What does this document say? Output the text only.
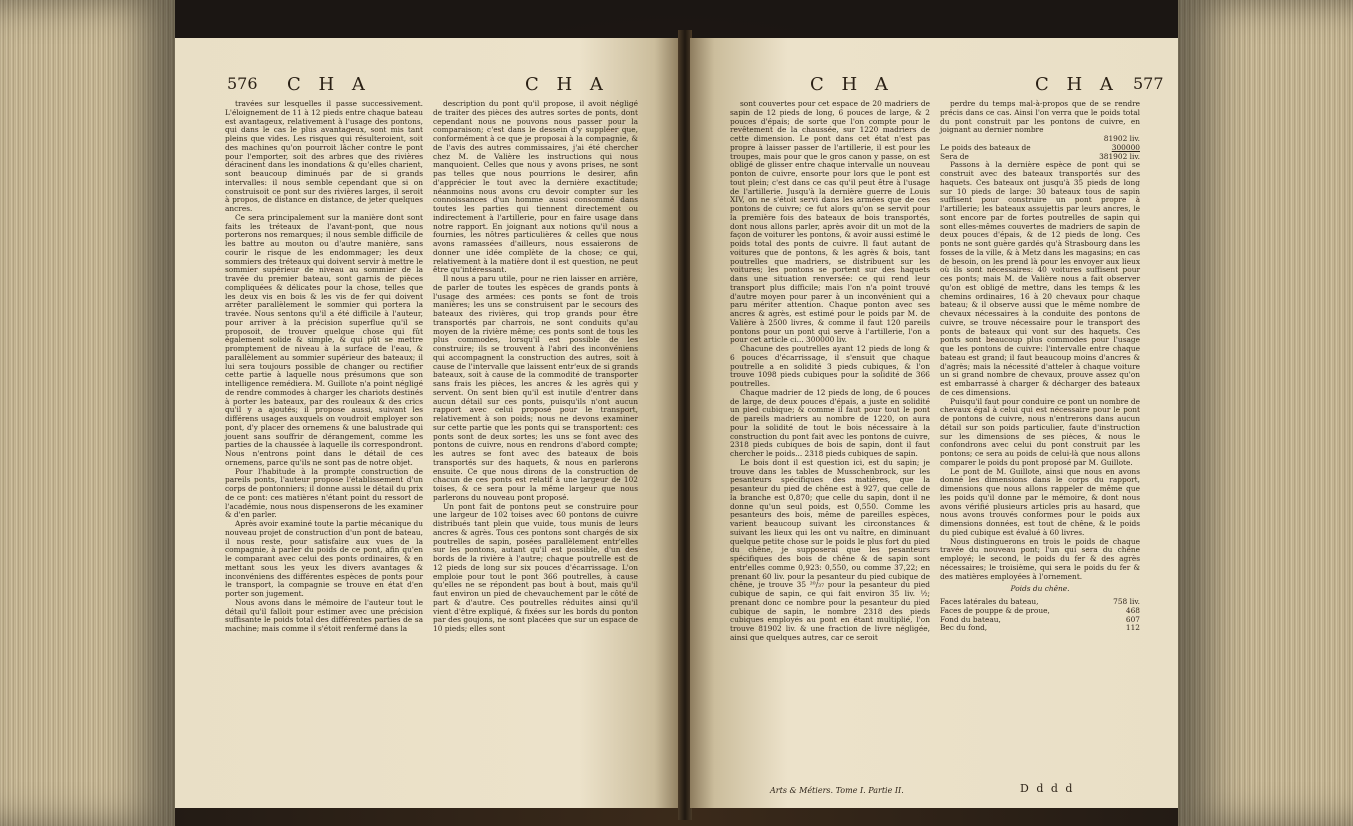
576 C H A	C H A

travées sur lesquelles il passe successivement. L'éloignement de 11 à 12 pieds entre chaque bateau est avantageux, relativement à l'usage des pontons, qui dans le cas le plus avantageux, sont mis tant pleins que vides. Les risques qui résulteroient, soit des machines qu'on pourroit lâcher contre le pont pour l'emporter, soit des arbres que des rivières déracinent dans les inondations & qu'elles charient, sont beaucoup diminués par de si grands intervalles: il nous semble cependant que si on construisoit ce pont sur des rivières larges, il seroit à propos, de distance en distance, de jeter quelques ancres.

Ce sera principalement sur la manière dont sont faits les tréteaux de l'avant-pont, que nous porterons nos remarques; il nous semble difficile de les battre au mouton ou d'autre manière, sans courir le risque de les endommager; les deux sommiers des tréteaux qui doivent servir à mettre le sommier supérieur de niveau au sommier de la travée du premier bateau, sont garnis de pièces compliquées & délicates pour la chose, telles que les deux vis en bois & les vis de fer qui doivent arrêter parallèlement le sommier qui portera la travée. Nous sentons qu'il a été difficile à l'auteur, pour arriver à la précision superflue qu'il se proposoit, de trouver quelque chose qui fût également solide & simple, & qui pût se mettre promptement de niveau à la surface de l'eau, & parallèlement au sommier supérieur des bateaux; il lui sera toujours possible de changer ou rectifier cette partie à laquelle nous présumons que son intelligence remédiera. M. Guillote n'a point négligé de rendre commodes à charger les chariots destinés à porter les bateaux, par des rouleaux & des crics qu'il y a ajoutés; il propose aussi, suivant les différens usages auxquels on voudroit employer son pont, d'y placer des ornemens & une balustrade qui jouent sans souffrir de dérangement, comme les parties de la chaussée à laquelle ils correspondront. Nous n'entrons point dans le détail de ces ornemens, parce qu'ils ne sont pas de notre objet.

Pour l'habitude à la prompte construction de pareils ponts, l'auteur propose l'établissement d'un corps de pontonniers; il donne aussi le détail du prix de ce pont: ces matières n'étant point du ressort de l'académie, nous nous dispenserons de les examiner & d'en parler.

Après avoir examiné toute la partie mécanique du nouveau projet de construction d'un pont de bateau, il nous reste, pour satisfaire aux vues de la compagnie, à parler du poids de ce pont, afin qu'en le comparant avec celui des ponts ordinaires, & en mettant sous les yeux les divers avantages & inconvéniens des différentes espèces de ponts pour le transport, la compagnie se trouve en état d'en porter son jugement.

Nous avons dans le mémoire de l'auteur tout le détail qu'il falloit pour estimer avec une précision suffisante le poids total des différentes parties de sa machine; mais comme il s'étoit renfermé dans la

description du pont qu'il propose, il avoit négligé de traiter des pièces des autres sortes de ponts, dont cependant nous ne pouvons nous passer pour la comparaison; c'est dans le dessein d'y suppléer que, conformément à ce que je proposai à la compagnie, & de l'avis des autres commissaires, j'ai été chercher chez M. de Valière les instructions qui nous manquoient. Celles que nous y avons prises, ne sont pas telles que nous pourrions le desirer, afin d'apprécier le tout avec la dernière exactitude; néanmoins nous avons cru devoir compter sur les connoissances d'un homme aussi consommé dans toutes les parties qui tiennent directement ou indirectement à l'artillerie, pour en faire usage dans notre rapport. En joignant aux notions qu'il nous a fournies, les nôtres particulières & celles que nous avons ramassées d'ailleurs, nous essaierons de donner une idée complète de la chose; ce qui, relativement à la matière dont il est question, ne peut être qu'intéressant.

Il nous a paru utile, pour ne rien laisser en arrière, de parler de toutes les espèces de grands ponts à l'usage des armées: ces ponts se font de trois manières; les uns se construisent par le secours des bateaux des rivières, qui trop grands pour être transportés par charrois, ne sont conduits qu'au moyen de la rivière même; ces ponts sont de tous les plus commodes, lorsqu'il est possible de les construire; ils se trouvent à l'abri des inconvéniens qui accompagnent la construction des autres, soit à cause de l'intervalle que laissent entr'eux de si grands bateaux, soit à cause de la commodité de transporter sans frais les pièces, les ancres & les agrès qui y servent. On sent bien qu'il est inutile d'entrer dans aucun détail sur ces ponts, puisqu'ils n'ont aucun rapport avec celui proposé pour le transport, relativement à son poids; nous ne devons examiner sur cette partie que les ponts qui se transportent: ces ponts sont de deux sortes; les uns se font avec des pontons de cuivre, nous en rendrons d'abord compte; les autres se font avec des bateaux de bois transportés sur des haquets, & nous en parlerons ensuite. Ce que nous dirons de la construction de chacun de ces ponts est relatif à une largeur de 102 toises, & ce sera pour la même largeur que nous parlerons du nouveau pont proposé.

Un pont fait de pontons peut se construire pour une largeur de 102 toises avec 60 pontons de cuivre distribués tant plein que vuide, tous munis de leurs ancres & agrès. Tous ces pontons sont chargés de six poutrelles de sapin, posées parallèlement entr'elles sur les pontons, autant qu'il est possible, d'un des bords de la rivière à l'autre; chaque poutrelle est de 12 pieds de long sur six pouces d'écarrissage. L'on emploie pour tout le pont 366 poutrelles, à cause qu'elles ne se répondent pas bout à bout, mais qu'il faut environ un pied de chevauchement par le côté de part & d'autre. Ces poutrelles réduites ainsi qu'il vient d'être expliqué, & fixées sur les bords du ponton par des goujons, ne sont placées que sur un espace de 10 pieds; elles sont

C H A	C H A 577

sont couvertes pour cet espace de 20 madriers de sapin de 12 pieds de long, 6 pouces de large, & 2 pouces d'épais; de sorte que l'on compte pour le revêtement de la chaussée, sur 1220 madriers de cette dimension. Le pont dans cet état n'est pas propre à laisser passer de l'artillerie, il est pour les troupes, mais pour que le gros canon y passe, on est obligé de glisser entre chaque intervalle un nouveau ponton de cuivre, ensorte pour lors que le pont est tout plein; c'est dans ce cas qu'il peut être à l'usage de l'artillerie. Jusqu'à la dernière guerre de Louis XIV, on ne s'étoit servi dans les armées que de ces pontons de cuivre; ce fut alors qu'on se servit pour la première fois des bateaux de bois transportés, dont nous allons parler, après avoir dit un mot de la façon de voiturer les pontons, & avoir aussi estimé le poids total des ponts de cuivre. Il faut autant de voitures que de pontons, & les agrès & bois, tant poutrelles que madriers, se distribuent sur les voitures; les pontons se portent sur des haquets dans une situation renversée: ce qui rend leur transport plus difficile; mais l'on n'a point trouvé d'autre moyen pour parer à un inconvénient qui a paru mériter attention. Chaque ponton avec ses ancres & agrès, est estimé pour le poids par M. de Valière à 2500 livres, & comme il faut 120 pareils pontons pour un pont qui serve à l'artillerie, l'on a pour cet article ci... 300000 liv.

Chacune des poutrelles ayant 12 pieds de long & 6 pouces d'écarrissage, il s'ensuit que chaque poutrelle a en solidité 3 pieds cubiques, & l'on trouve 1098 pieds cubiques pour la solidité de 366 poutrelles.

Chaque madrier de 12 pieds de long, de 6 pouces de large, de deux pouces d'épais, a juste en solidité un pied cubique; & comme il faut pour tout le pont de pareils madriers au nombre de 1220, on aura pour la solidité de tout le bois nécessaire à la construction du pont fait avec les pontons de cuivre, 2318 pieds cubiques de bois de sapin, dont il faut chercher le poids... 2318 pieds cubiques de sapin.

Le bois dont il est question ici, est du sapin; je trouve dans les tables de Musschenbrock, sur les pesanteurs spécifiques des matières, que la pesanteur du pied de chêne est à 927, que celle de la branche est 0,870; que celle du sapin, dont il ne donne qu'un seul poids, est 0,550. Comme les pesanteurs des bois, même de pareilles espèces, varient beaucoup suivant les circonstances & suivant les lieux qui les ont vu naître, en diminuant quelque petite chose sur le poids le plus fort du pied du chêne, je supposerai que les pesanteurs spécifiques des bois de chêne & de sapin sont entr'elles comme 0,923: 0,550, ou comme 37,22; en prenant 60 liv. pour la pesanteur du pied cubique de chêne, je trouve 35 ²⁰/₃₇ pour la pesanteur du pied cubique de sapin, ce qui fait environ 35 liv. ½; prenant donc ce nombre pour la pesanteur du pied cubique de sapin, le nombre 2318 des pieds cubiques employés au pont en étant multiplié, l'on trouve 81902 liv. & une fraction de livre négligée, ainsi que quelques autres, car ce seroit

perdre du temps mal-à-propos que de se rendre précis dans ce cas. Ainsi l'on verra que le poids total du pont construit par les pontons de cuivre, en joignant au dernier nombre

81902 liv.
Le poids des bateaux de	300000
Sera de	381902 liv.

Passons à la dernière espèce de pont qui se construit avec des bateaux transportés sur des haquets. Ces bateaux ont jusqu'à 35 pieds de long sur 10 pieds de large: 30 bateaux tous de sapin suffisent pour construire un pont propre à l'artillerie; les bateaux assujettis par leurs ancres, le sont encore par de fortes poutrelles de sapin qui sont elles-mêmes couvertes de madriers de sapin de deux pouces d'épais, & de 12 pieds de long. Ces ponts ne sont guère gardés qu'à Strasbourg dans les fosses de la ville, & à Metz dans les magasins; en cas de besoin, on les prend là pour les envoyer aux lieux où ils sont nécessaires: 40 voitures suffisent pour ces ponts; mais M. de Valière nous a fait observer qu'on est obligé de mettre, dans les temps & les chemins ordinaires, 16 à 20 chevaux pour chaque bateau; & il observe aussi que le même nombre de chevaux nécessaires à la conduite des pontons de cuivre, se trouve nécessaire pour le transport des ponts de bateaux qui vont sur des haquets. Ces ponts sont beaucoup plus commodes pour l'usage que les pontons de cuivre: l'intervalle entre chaque bateau est grand; il faut beaucoup moins d'ancres & d'agrès; mais la nécessité d'atteler à chaque voiture un si grand nombre de chevaux, prouve assez qu'on est embarrassé à charger & décharger des bateaux de ces dimensions.

Puisqu'il faut pour conduire ce pont un nombre de chevaux égal à celui qui est nécessaire pour le pont de pontons de cuivre, nous n'entrerons dans aucun détail sur son poids particulier, faute d'instruction sur les dimensions de ses pièces, & nous le confondrons avec celui du pont construit par les pontons; ce sera au poids de celui-là que nous allons comparer le poids du pont proposé par M. Guillote.

Le pont de M. Guillote, ainsi que nous en avons donné les dimensions dans le corps du rapport, dimensions que nous allons rappeler de même que les poids qu'il donne par le mémoire, & dont nous avons vérifié plusieurs articles pris au hasard, que nous avons trouvés conformes pour le poids aux dimensions données, est tout de chêne, & le poids du pied cubique est évalué à 60 livres.

Nous distinguerons en trois le poids de chaque travée du nouveau pont; l'un qui sera du chêne employé; le second, le poids du fer & des agrès nécessaires; le troisième, qui sera le poids du fer & des matières employées à l'ornement.

Poids du chêne.
Faces latérales du bateau,	758 liv.
Faces de pouppe & de proue,	468
Fond du bateau,	607
Bec du fond,	112
Arts & Métiers. Tome I. Partie II.	D d d d
